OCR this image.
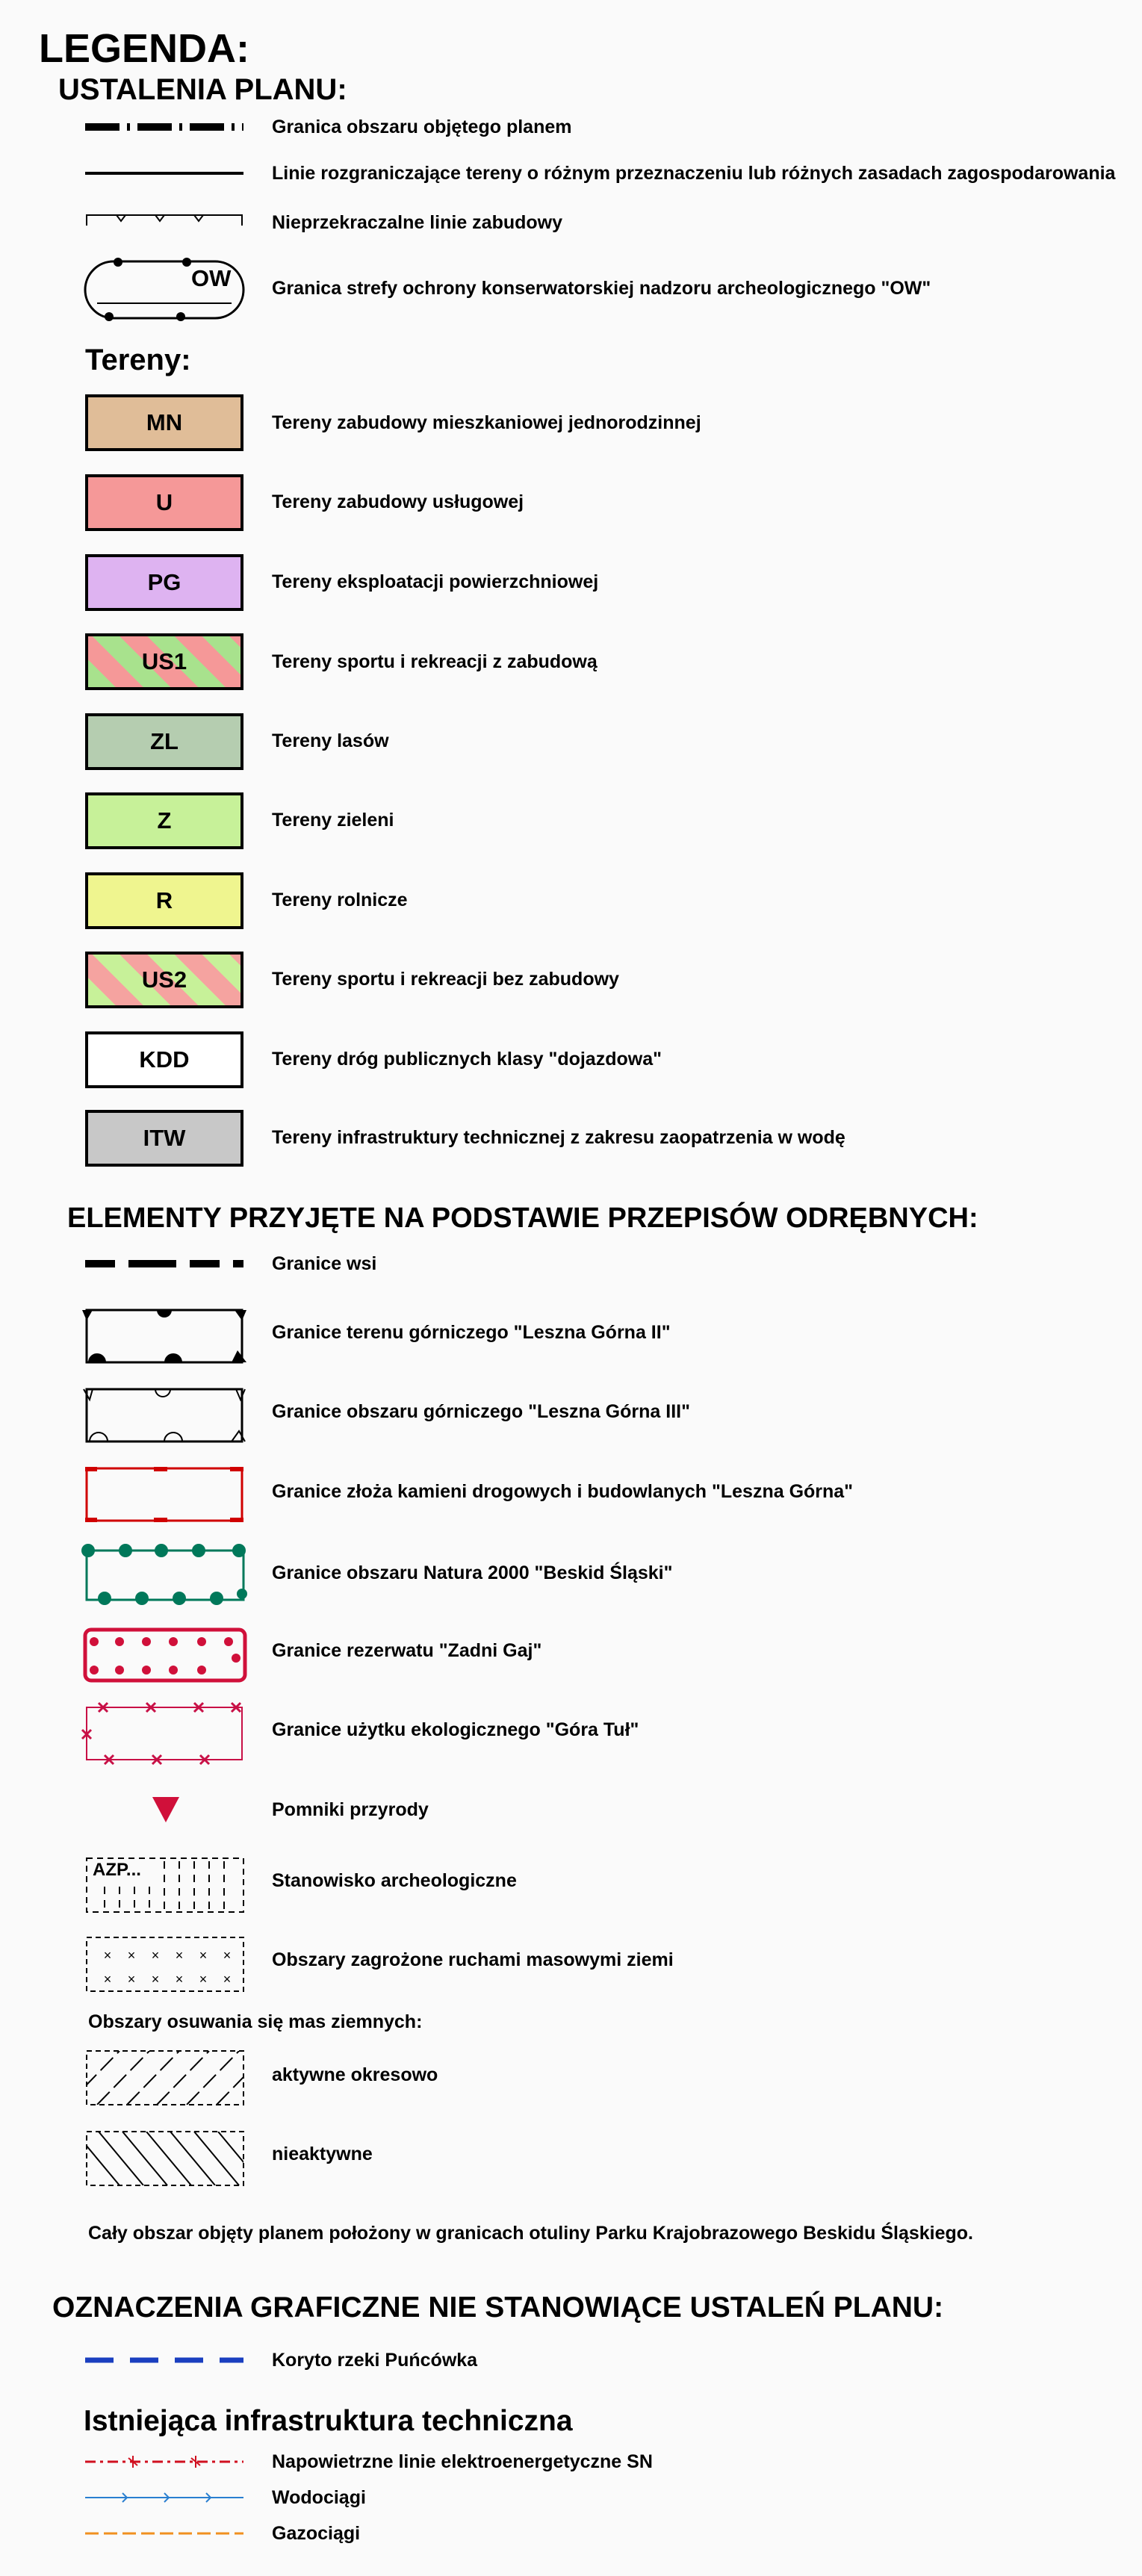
LEGENDA:
USTALENIA PLANU:
Granica obszaru objętego planem
Linie rozgraniczające tereny o różnym przeznaczeniu lub różnych zasadach zagospodarowania
Nieprzekraczalne linie zabudowy
OW Granica strefy ochrony konserwatorskiej nadzoru archeologicznego "OW"
Tereny:
MN	Tereny zabudowy mieszkaniowej jednorodzinnej
U	Tereny zabudowy usługowej
PG	Tereny eksploatacji powierzchniowej
US1	Tereny sportu i rekreacji z zabudową
ZL	Tereny lasów
Z	Tereny zieleni
R	Tereny rolnicze
US2	Tereny sportu i rekreacji bez zabudowy
KDD	Tereny dróg publicznych klasy "dojazdowa"
ITW	Tereny infrastruktury technicznej z zakresu zaopatrzenia w wodę
ELEMENTY PRZYJĘTE NA PODSTAWIE PRZEPISÓW ODRĘBNYCH:
Granice wsi
Granice terenu górniczego "Leszna Górna II"
Granice obszaru górniczego "Leszna Górna III"
Granice złoża kamieni drogowych i budowlanych "Leszna Górna"
Granice obszaru Natura 2000 "Beskid Śląski"
Granice rezerwatu "Zadni Gaj"
Granice użytku ekologicznego "Góra Tuł"
Pomniki przyrody
AZP...
Stanowisko archeologiczne
× × × × × ×
× × × × × ×
Obszary zagrożone ruchami masowymi ziemi
Obszary osuwania się mas ziemnych:
aktywne okresowo
nieaktywne
Cały obszar objęty planem położony w granicach otuliny Parku Krajobrazowego Beskidu Śląskiego.
OZNACZENIA GRAFICZNE NIE STANOWIĄCE USTALEŃ PLANU:
Koryto rzeki Puńcówka
Istniejąca infrastruktura techniczna
Napowietrzne linie elektroenergetyczne SN
Wodociągi
Gazociągi
